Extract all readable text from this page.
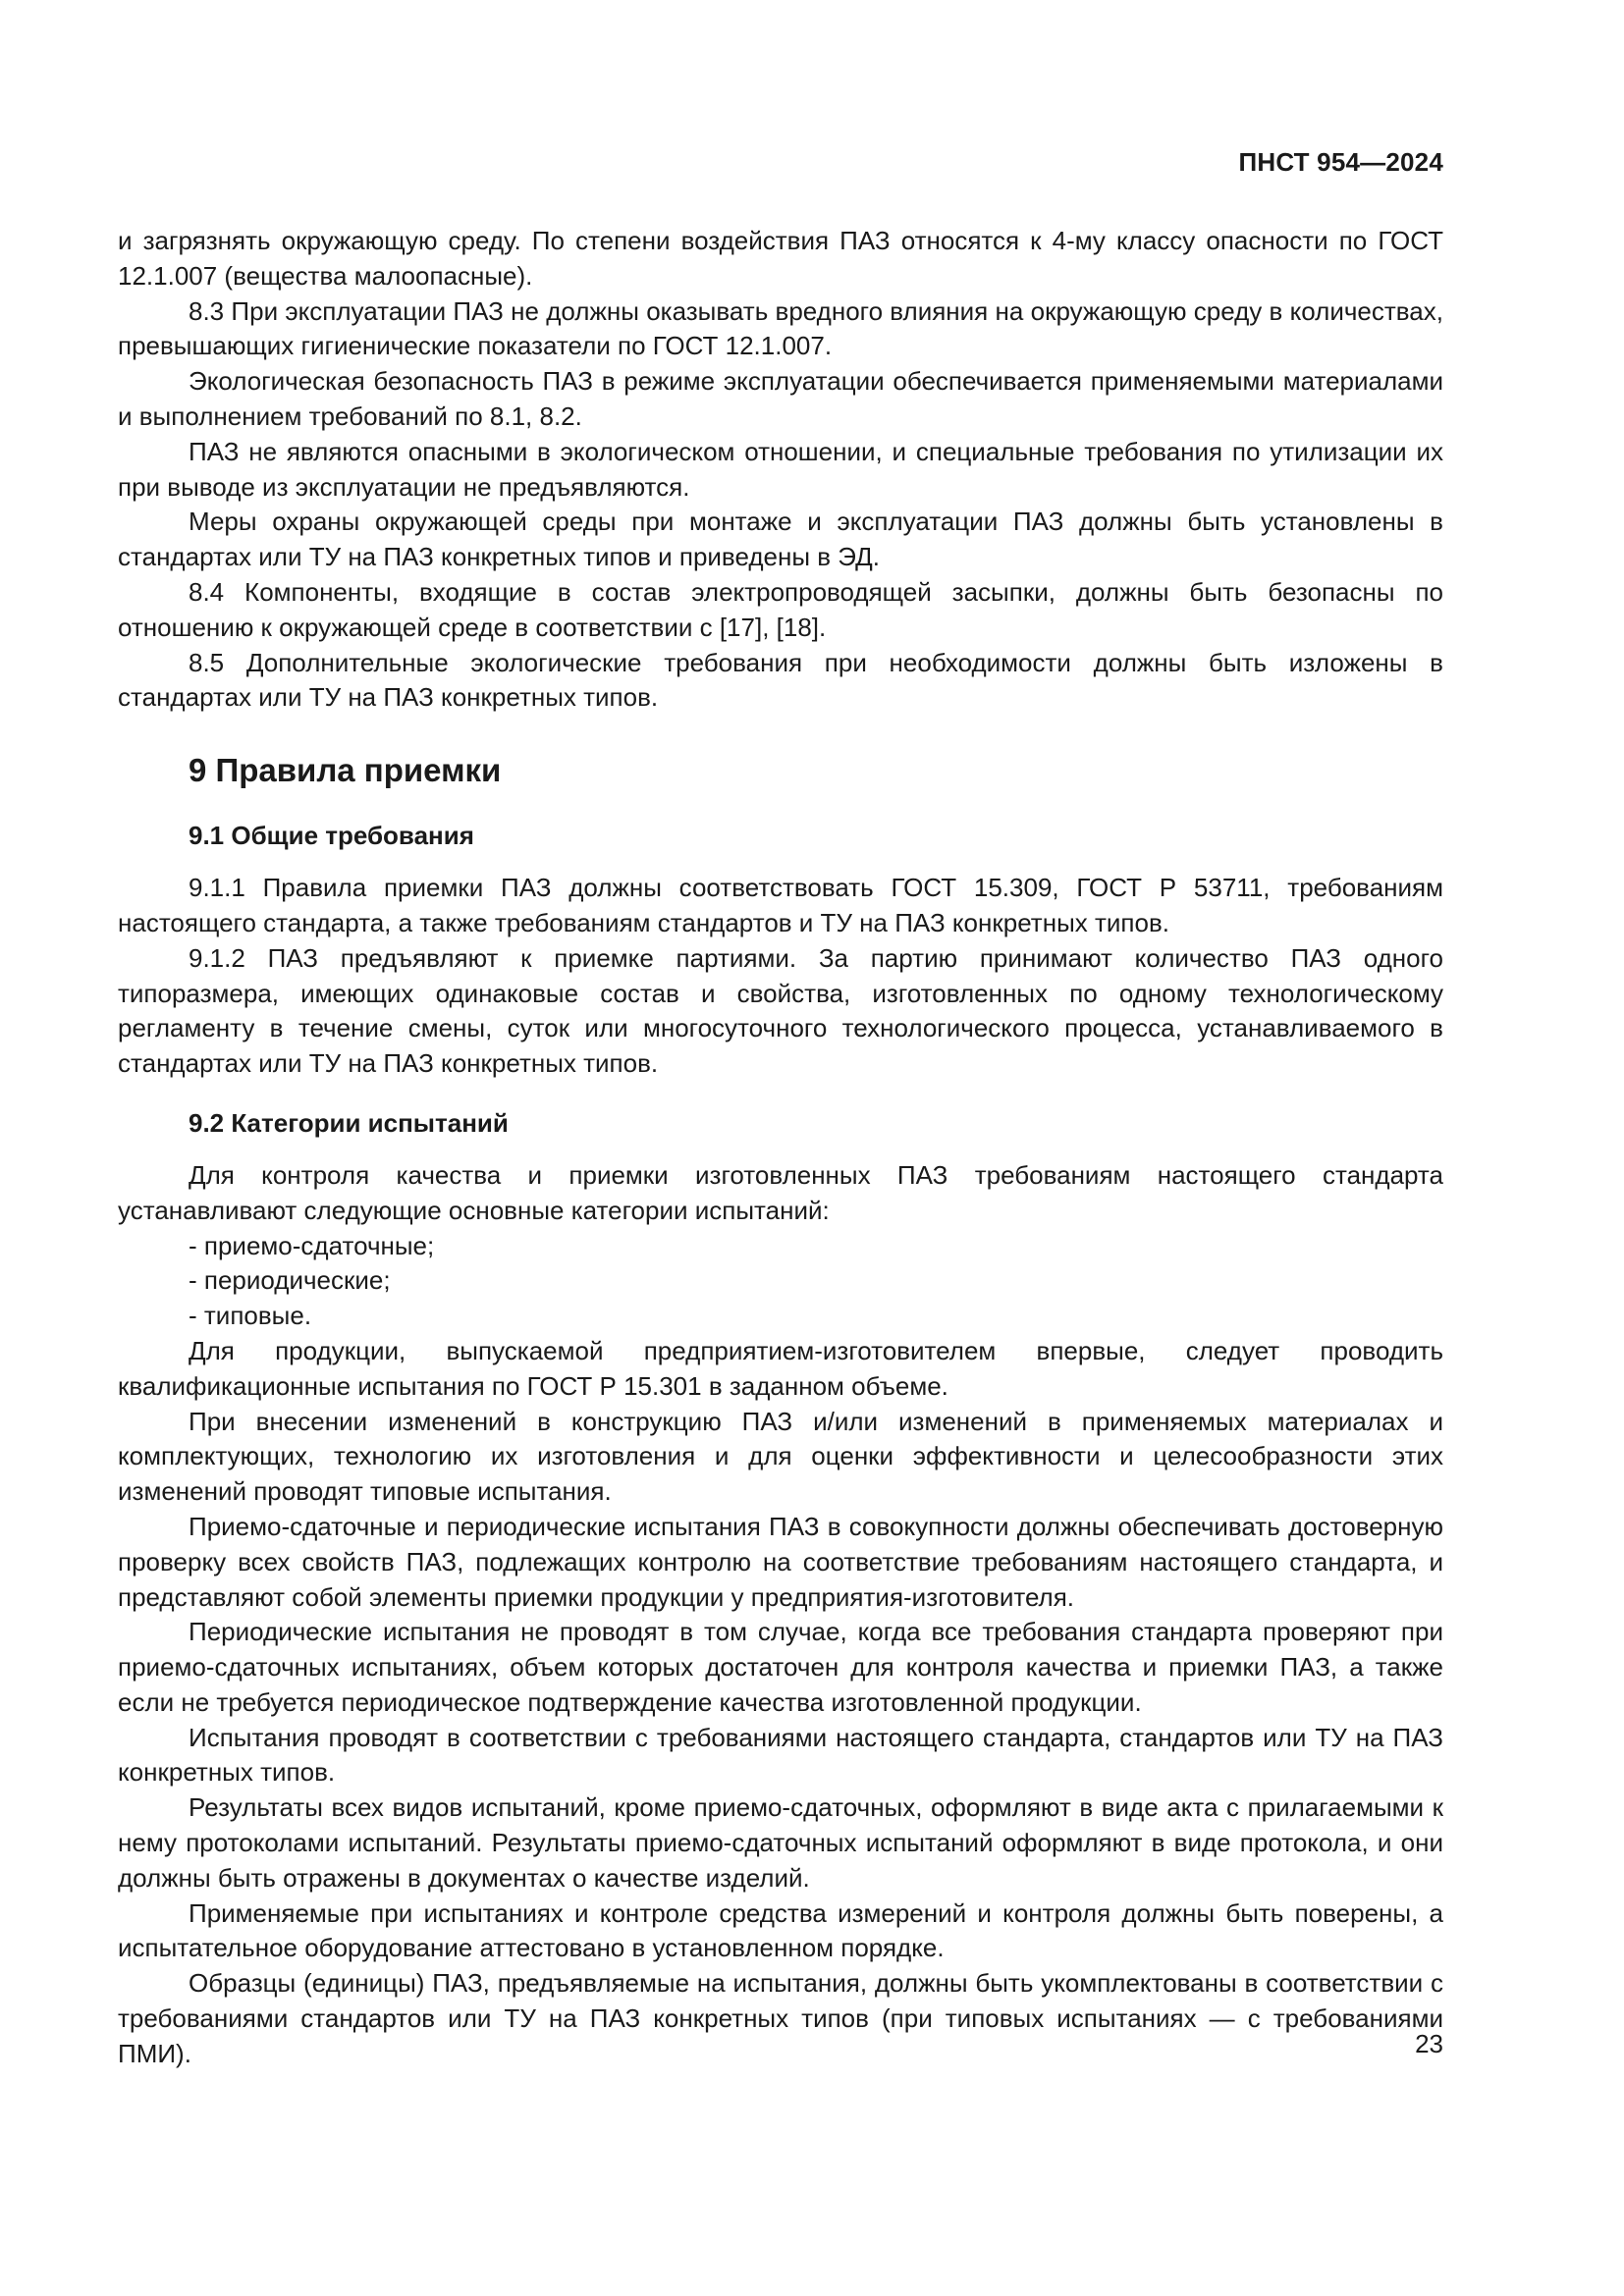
ПНСТ 954—2024

и загрязнять окружающую среду. По степени воздействия ПАЗ относятся к 4-му классу опасности по ГОСТ 12.1.007 (вещества малоопасные).

8.3 При эксплуатации ПАЗ не должны оказывать вредного влияния на окружающую среду в количествах, превышающих гигиенические показатели по ГОСТ 12.1.007.

Экологическая безопасность ПАЗ в режиме эксплуатации обеспечивается применяемыми материалами и выполнением требований по 8.1, 8.2.

ПАЗ не являются опасными в экологическом отношении, и специальные требования по утилизации их при выводе из эксплуатации не предъявляются.

Меры охраны окружающей среды при монтаже и эксплуатации ПАЗ должны быть установлены в стандартах или ТУ на ПАЗ конкретных типов и приведены в ЭД.

8.4 Компоненты, входящие в состав электропроводящей засыпки, должны быть безопасны по отношению к окружающей среде в соответствии с [17], [18].

8.5 Дополнительные экологические требования при необходимости должны быть изложены в стандартах или ТУ на ПАЗ конкретных типов.

9 Правила приемки
9.1 Общие требования

9.1.1 Правила приемки ПАЗ должны соответствовать ГОСТ 15.309, ГОСТ Р 53711, требованиям настоящего стандарта, а также требованиям стандартов и ТУ на ПАЗ конкретных типов.

9.1.2 ПАЗ предъявляют к приемке партиями. За партию принимают количество ПАЗ одного типоразмера, имеющих одинаковые состав и свойства, изготовленных по одному технологическому регламенту в течение смены, суток или многосуточного технологического процесса, устанавливаемого в стандартах или ТУ на ПАЗ конкретных типов.

9.2 Категории испытаний

Для контроля качества и приемки изготовленных ПАЗ требованиям настоящего стандарта устанавливают следующие основные категории испытаний:

- приемо-сдаточные;
- периодические;
- типовые.

Для продукции, выпускаемой предприятием-изготовителем впервые, следует проводить квалификационные испытания по ГОСТ Р 15.301 в заданном объеме.

При внесении изменений в конструкцию ПАЗ и/или изменений в применяемых материалах и комплектующих, технологию их изготовления и для оценки эффективности и целесообразности этих изменений проводят типовые испытания.

Приемо-сдаточные и периодические испытания ПАЗ в совокупности должны обеспечивать достоверную проверку всех свойств ПАЗ, подлежащих контролю на соответствие требованиям настоящего стандарта, и представляют собой элементы приемки продукции у предприятия-изготовителя.

Периодические испытания не проводят в том случае, когда все требования стандарта проверяют при приемо-сдаточных испытаниях, объем которых достаточен для контроля качества и приемки ПАЗ, а также если не требуется периодическое подтверждение качества изготовленной продукции.

Испытания проводят в соответствии с требованиями настоящего стандарта, стандартов или ТУ на ПАЗ конкретных типов.

Результаты всех видов испытаний, кроме приемо-сдаточных, оформляют в виде акта с прилагаемыми к нему протоколами испытаний. Результаты приемо-сдаточных испытаний оформляют в виде протокола, и они должны быть отражены в документах о качестве изделий.

Применяемые при испытаниях и контроле средства измерений и контроля должны быть поверены, а испытательное оборудование аттестовано в установленном порядке.

Образцы (единицы) ПАЗ, предъявляемые на испытания, должны быть укомплектованы в соответствии с требованиями стандартов или ТУ на ПАЗ конкретных типов (при типовых испытаниях — с требованиями ПМИ).	23
